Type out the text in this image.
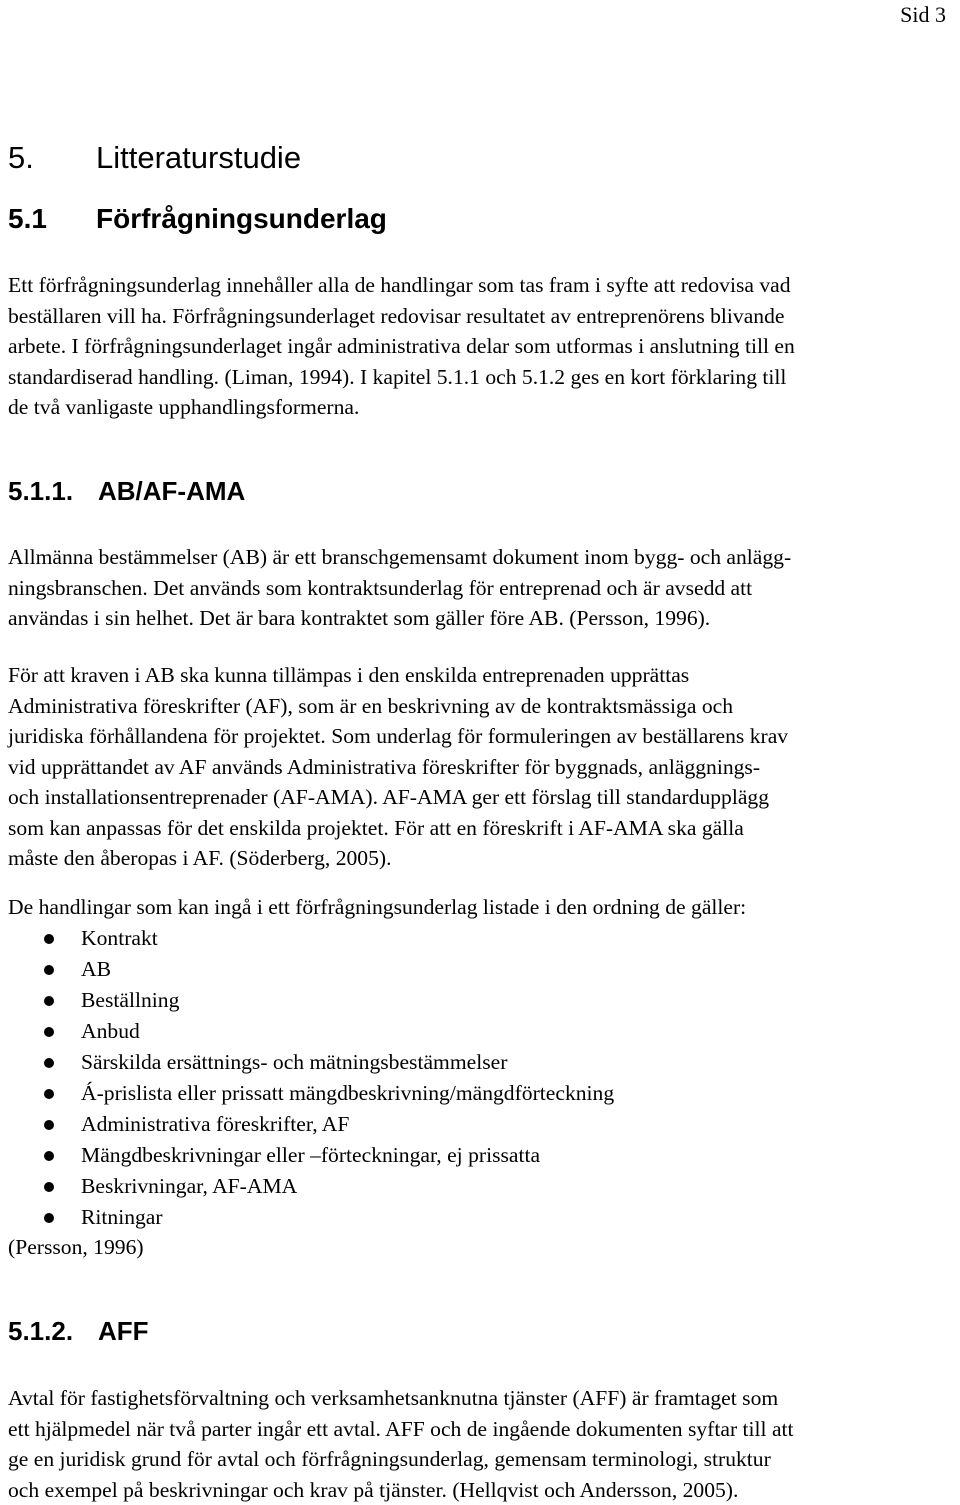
Sid 3
5. Litteraturstudie
5.1 Förfrågningsunderlag

Ett förfrågningsunderlag innehåller alla de handlingar som tas fram i syfte att redovisa vad
beställaren vill ha. Förfrågningsunderlaget redovisar resultatet av entreprenörens blivande
arbete. I förfrågningsunderlaget ingår administrativa delar som utformas i anslutning till en
standardiserad handling. (Liman, 1994). I kapitel 5.1.1 och 5.1.2 ges en kort förklaring till
de två vanligaste upphandlingsformerna.

5.1.1. AB/AF-AMA

Allmänna bestämmelser (AB) är ett branschgemensamt dokument inom bygg- och anlägg-
ningsbranschen. Det används som kontraktsunderlag för entreprenad och är avsedd att
användas i sin helhet. Det är bara kontraktet som gäller före AB. (Persson, 1996).

För att kraven i AB ska kunna tillämpas i den enskilda entreprenaden upprättas
Administrativa föreskrifter (AF), som är en beskrivning av de kontraktsmässiga och
juridiska förhållandena för projektet. Som underlag för formuleringen av beställarens krav
vid upprättandet av AF används Administrativa föreskrifter för byggnads, anläggnings-
och installationsentreprenader (AF-AMA). AF-AMA ger ett förslag till standardupplägg
som kan anpassas för det enskilda projektet. För att en föreskrift i AF-AMA ska gälla
måste den åberopas i AF. (Söderberg, 2005).

De handlingar som kan ingå i ett förfrågningsunderlag listade i den ordning de gäller:

Kontrakt
AB
Beställning
Anbud
Särskilda ersättnings- och mätningsbestämmelser
Á-prislista eller prissatt mängdbeskrivning/mängdförteckning
Administrativa föreskrifter, AF
Mängdbeskrivningar eller –förteckningar, ej prissatta
Beskrivningar, AF-AMA
Ritningar

(Persson, 1996)

5.1.2. AFF

Avtal för fastighetsförvaltning och verksamhetsanknutna tjänster (AFF) är framtaget som
ett hjälpmedel när två parter ingår ett avtal. AFF och de ingående dokumenten syftar till att
ge en juridisk grund för avtal och förfrågningsunderlag, gemensam terminologi, struktur
och exempel på beskrivningar och krav på tjänster. (Hellqvist och Andersson, 2005).
